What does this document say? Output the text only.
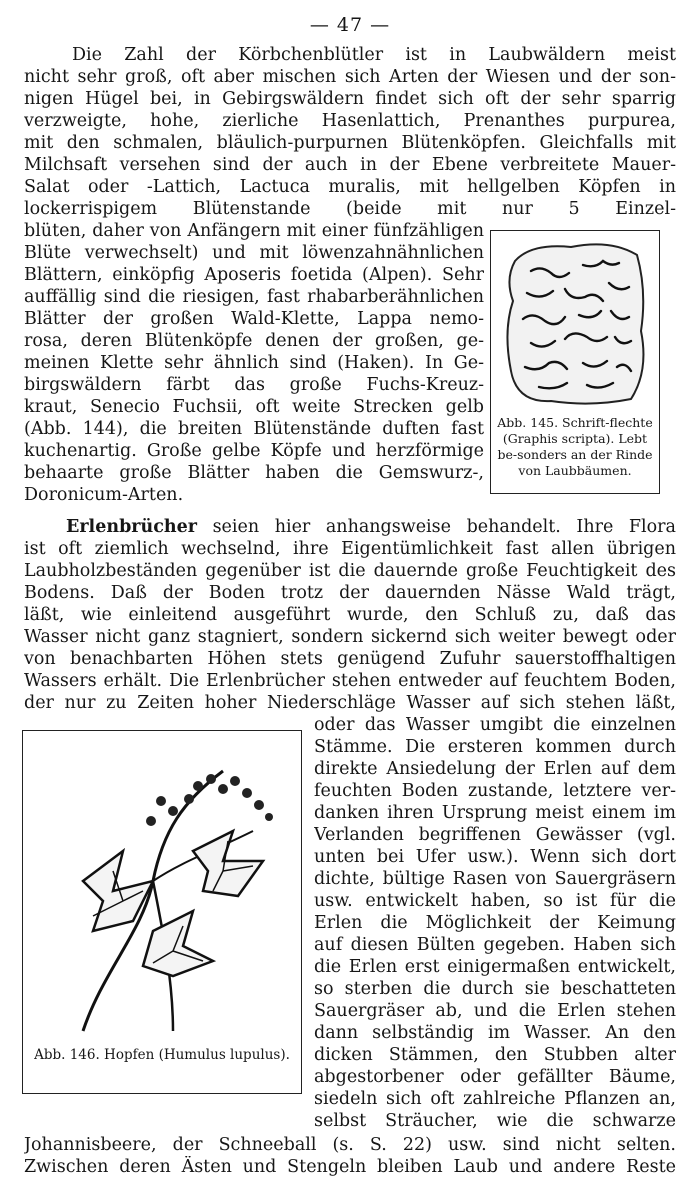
— 47 —
Die Zahl der Körbchenblütler ist in Laubwäldern meist
nicht sehr groß, oft aber mischen sich Arten der Wiesen und der son-
nigen Hügel bei, in Gebirgswäldern findet sich oft der sehr sparrig
verzweigte, hohe, zierliche Hasenlattich, Prenanthes purpurea,
mit den schmalen, bläulich-purpurnen Blütenköpfen. Gleichfalls mit
Milchsaft versehen sind der auch in der Ebene verbreitete Mauer-
Salat oder -Lattich, Lactuca muralis, mit hellgelben Köpfen in
lockerrispigem Blütenstande (beide mit nur 5 Einzel-
blüten, daher von Anfängern mit einer fünfzähligen
Blüte verwechselt) und mit löwenzahnähnlichen
Blättern, einköpfig Aposeris foetida (Alpen). Sehr
auffällig sind die riesigen, fast rhabarberähnlichen
Blätter der großen Wald-Klette, Lappa nemo-
rosa, deren Blütenköpfe denen der großen, ge-
meinen Klette sehr ähnlich sind (Haken). In Ge-
birgswäldern färbt das große Fuchs-Kreuz-
kraut, Senecio Fuchsii, oft weite Strecken gelb
(Abb. 144), die breiten Blütenstände duften fast
kuchenartig. Große gelbe Köpfe und herzförmige
behaarte große Blätter haben die Gemswurz-,
Doronicum-Arten.
Abb. 145. Schrift-flechte (Graphis scripta). Lebt be-sonders an der Rinde von Laubbäumen.
Erlenbrücher seien hier anhangsweise behandelt. Ihre Flora
ist oft ziemlich wechselnd, ihre Eigentümlichkeit fast allen übrigen
Laubholzbeständen gegenüber ist die dauernde große Feuchtigkeit des
Bodens. Daß der Boden trotz der dauernden Nässe Wald trägt,
läßt, wie einleitend ausgeführt wurde, den Schluß zu, daß das
Wasser nicht ganz stagniert, sondern sickernd sich weiter bewegt oder
von benachbarten Höhen stets genügend Zufuhr sauerstoffhaltigen
Wassers erhält. Die Erlenbrücher stehen entweder auf feuchtem Boden,
der nur zu Zeiten hoher Niederschläge Wasser auf sich stehen läßt,
Abb. 146. Hopfen (Humulus lupulus).
oder das Wasser umgibt die einzelnen
Stämme. Die ersteren kommen durch
direkte Ansiedelung der Erlen auf dem
feuchten Boden zustande, letztere ver-
danken ihren Ursprung meist einem im
Verlanden begriffenen Gewässer (vgl.
unten bei Ufer usw.). Wenn sich dort
dichte, bültige Rasen von Sauergräsern
usw. entwickelt haben, so ist für die
Erlen die Möglichkeit der Keimung
auf diesen Bülten gegeben. Haben sich
die Erlen erst einigermaßen entwickelt,
so sterben die durch sie beschatteten
Sauergräser ab, und die Erlen stehen
dann selbständig im Wasser. An den
dicken Stämmen, den Stubben alter
abgestorbener oder gefällter Bäume,
siedeln sich oft zahlreiche Pflanzen an,
selbst Sträucher, wie die schwarze
Johannisbeere, der Schneeball (s. S. 22) usw. sind nicht selten.
Zwischen deren Ästen und Stengeln bleiben Laub und andere Reste
